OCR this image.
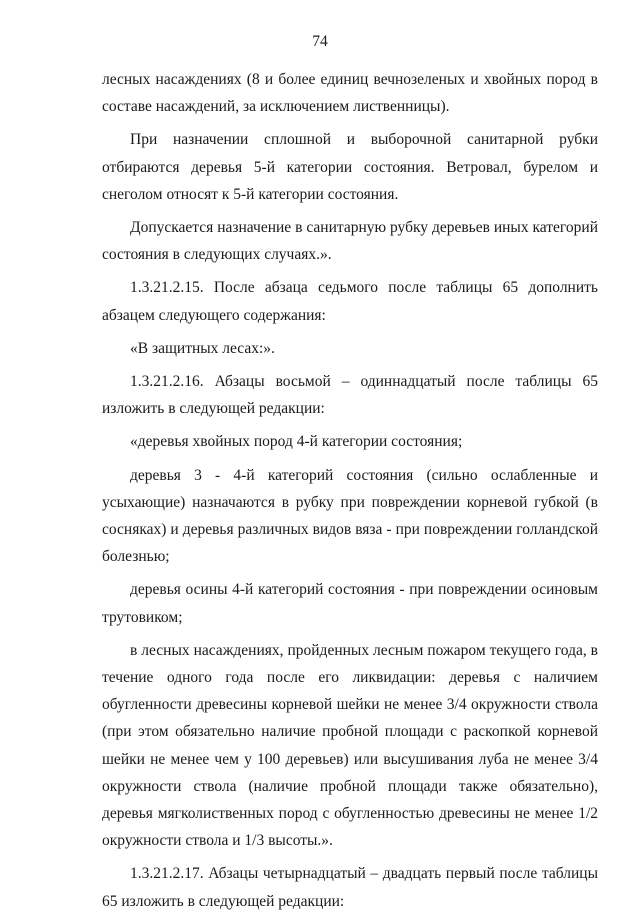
74

лесных насаждениях (8 и более единиц вечнозеленых и хвойных пород в составе насаждений, за исключением лиственницы).

При назначении сплошной и выборочной санитарной рубки отбираются деревья 5-й категории состояния. Ветровал, бурелом и снеголом относят к 5-й категории состояния.

Допускается назначение в санитарную рубку деревьев иных категорий состояния в следующих случаях.».

1.3.21.2.15. После абзаца седьмого после таблицы 65 дополнить абзацем следующего содержания:

«В защитных лесах:».

1.3.21.2.16. Абзацы восьмой – одиннадцатый после таблицы 65 изложить в следующей редакции:

«деревья хвойных пород 4-й категории состояния;

деревья 3 - 4-й категорий состояния (сильно ослабленные и усыхающие) назначаются в рубку при повреждении корневой губкой (в сосняках) и деревья различных видов вяза - при повреждении голландской болезнью;

деревья осины 4-й категорий состояния - при повреждении осиновым трутовиком;

в лесных насаждениях, пройденных лесным пожаром текущего года, в течение одного года после его ликвидации: деревья с наличием обугленности древесины корневой шейки не менее 3/4 окружности ствола (при этом обязательно наличие пробной площади с раскопкой корневой шейки не менее чем у 100 деревьев) или высушивания луба не менее 3/4 окружности ствола (наличие пробной площади также обязательно), деревья мягколиственных пород с обугленностью древесины не менее 1/2 окружности ствола и 1/3 высоты.».

1.3.21.2.17. Абзацы четырнадцатый – двадцать первый после таблицы 65 изложить в следующей редакции:
